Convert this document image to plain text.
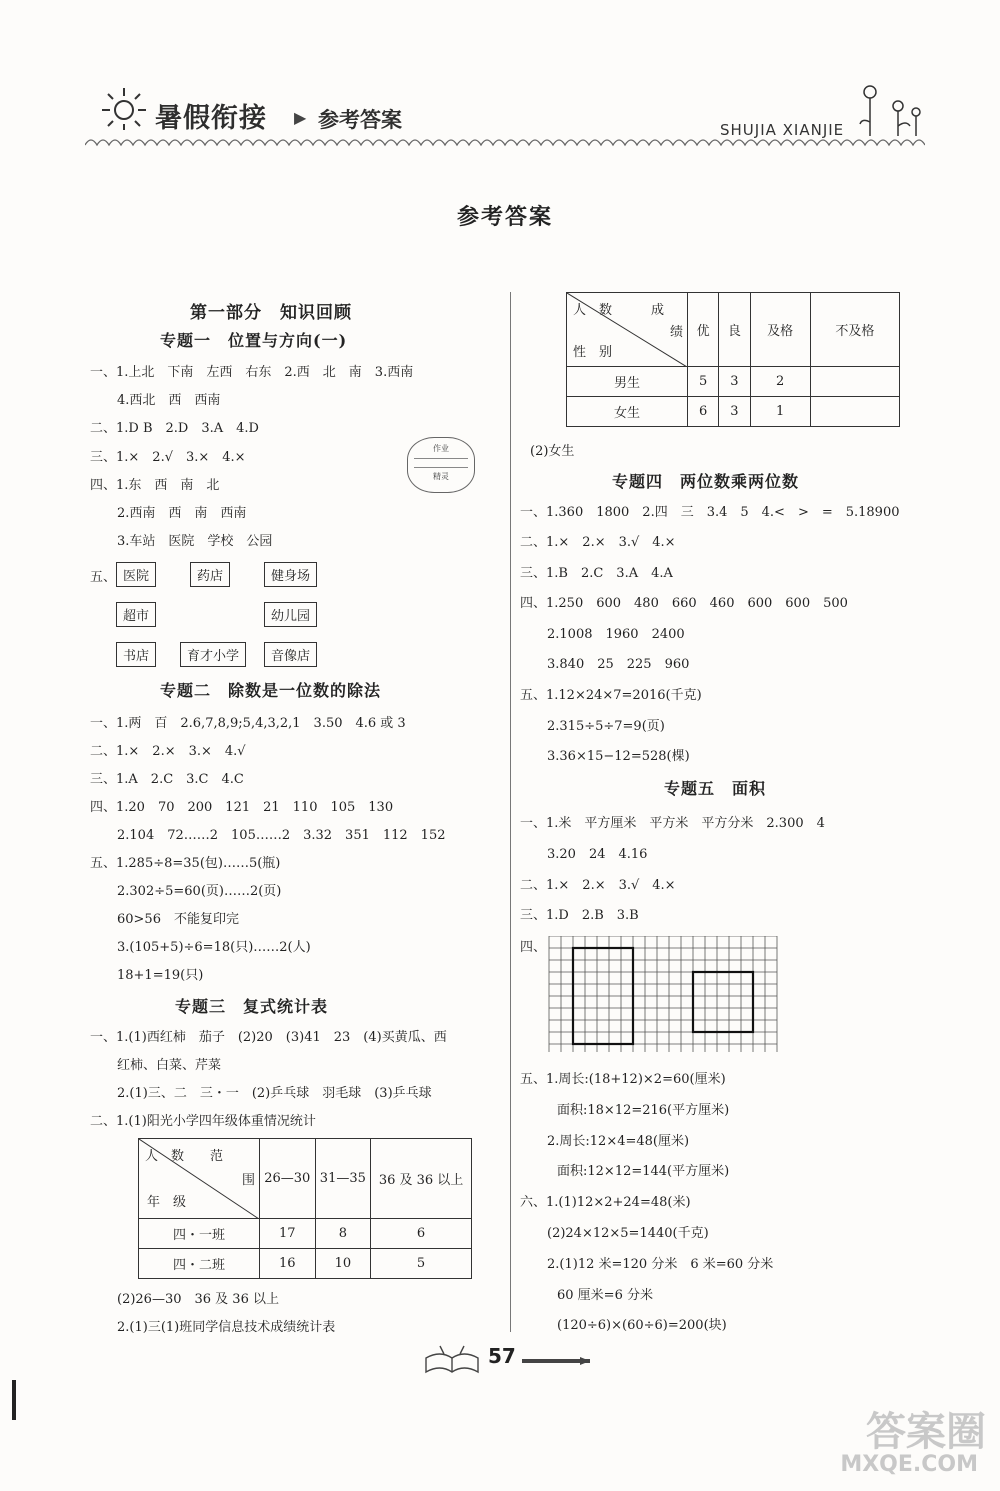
暑假衔接 ▶ 参考答案	SHUJIA XIANJIE
参考答案
第一部分　知识回顾
专题一　位置与方向(一)
一、1.上北　下南　左西　右东　2.西　北　南　3.西南
　4.西北　西　西南
二、1.D B　2.D　3.A　4.D
三、1.×　2.√　3.×　4.×
四、1.东　西　南　北
　2.西南　西　南　西南
　3.车站　医院　学校　公园
作业
精灵
五、 医院	药店	健身场
超市	幼儿园
书店	育才小学	音像店
专题二　除数是一位数的除法
一、1.两　百　2.6,7,8,9;5,4,3,2,1　3.50　4.6 或 3
二、1.×　2.×　3.×　4.√
三、1.A　2.C　3.C　4.C
四、1.20　70　200　121　21　110　105　130
　2.104　72……2　105……2　3.32　351　112　152
五、1.285÷8=35(包)……5(瓶)
　2.302÷5=60(页)……2(页)
　60>56　不能复印完
　3.(105+5)÷6=18(只)……2(人)
　18+1=19(只)
专题三　复式统计表
一、1.(1)西红柿　茄子　(2)20　(3)41　23　(4)买黄瓜、西
　红柿、白菜、芹菜
　2.(1)三、二　三・一　(2)乒乓球　羽毛球　(3)乒乓球
二、1.(1)阳光小学四年级体重情况统计
人　数　　范
围
年　级	26—30	31—35	36 及 36 以上
四・一班	17	8	6
四・二班	16	10	5
　(2)26—30　36 及 36 以上
　2.(1)三(1)班同学信息技术成绩统计表
人　数　　　成
绩
性　别	优	良	及格	不及格
男生	5	3	2	
女生	6	3	1	
(2)女生
专题四　两位数乘两位数
一、1.360　1800　2.四　三　3.4　5　4.<　>　=　5.18900
二、1.×　2.×　3.√　4.×
三、1.B　2.C　3.A　4.A
四、1.250　600　480　660　460　600　600　500
　2.1008　1960　2400
　3.840　25　225　960
五、1.12×24×7=2016(千克)
　2.315÷5÷7=9(页)
　3.36×15−12=528(棵)
专题五　面积
一、1.米　平方厘米　平方米　平方分米　2.300　4
　3.20　24　4.16
二、1.×　2.×　3.√　4.×
三、1.D　2.B　3.B
四、
五、1.周长:(18+12)×2=60(厘米)
　面积:18×12=216(平方厘米)
　2.周长:12×4=48(厘米)
　面积:12×12=144(平方厘米)
六、1.(1)12×2+24=48(米)
　(2)24×12×5=1440(千克)
　2.(1)12 米=120 分米　6 米=60 分米
　60 厘米=6 分米
　(120÷6)×(60÷6)=200(块)
57
答案圈
MXQE.COM
